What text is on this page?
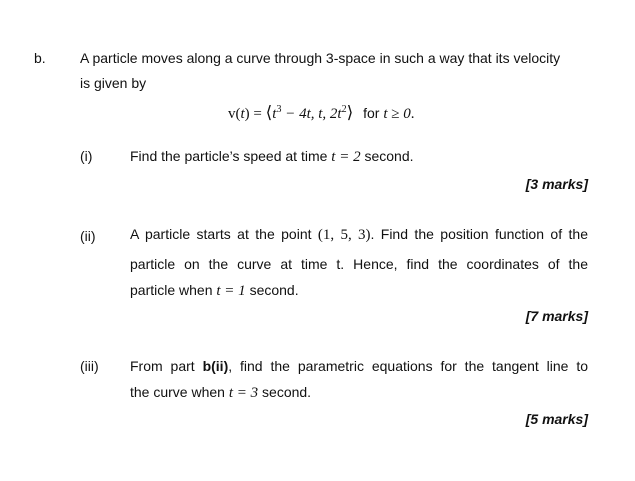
b. A particle moves along a curve through 3-space in such a way that its velocity
is given by
$v(t) = ⟨t^3 - 4t$, t, $2t^2⟩$ for t ≥ 0.
(i)	Find the particle’s speed at time t = 2 second.
[3 marks]
(ii) A particle starts at the point (1, 5, 3). Find the position function of the
particle on the curve at time t. Hence, find the coordinates of the
particle when t = 1 second.
[7 marks]
(iii) From part b(ii), find the parametric equations for the tangent line to
the curve when t = 3 second.
[5 marks]
